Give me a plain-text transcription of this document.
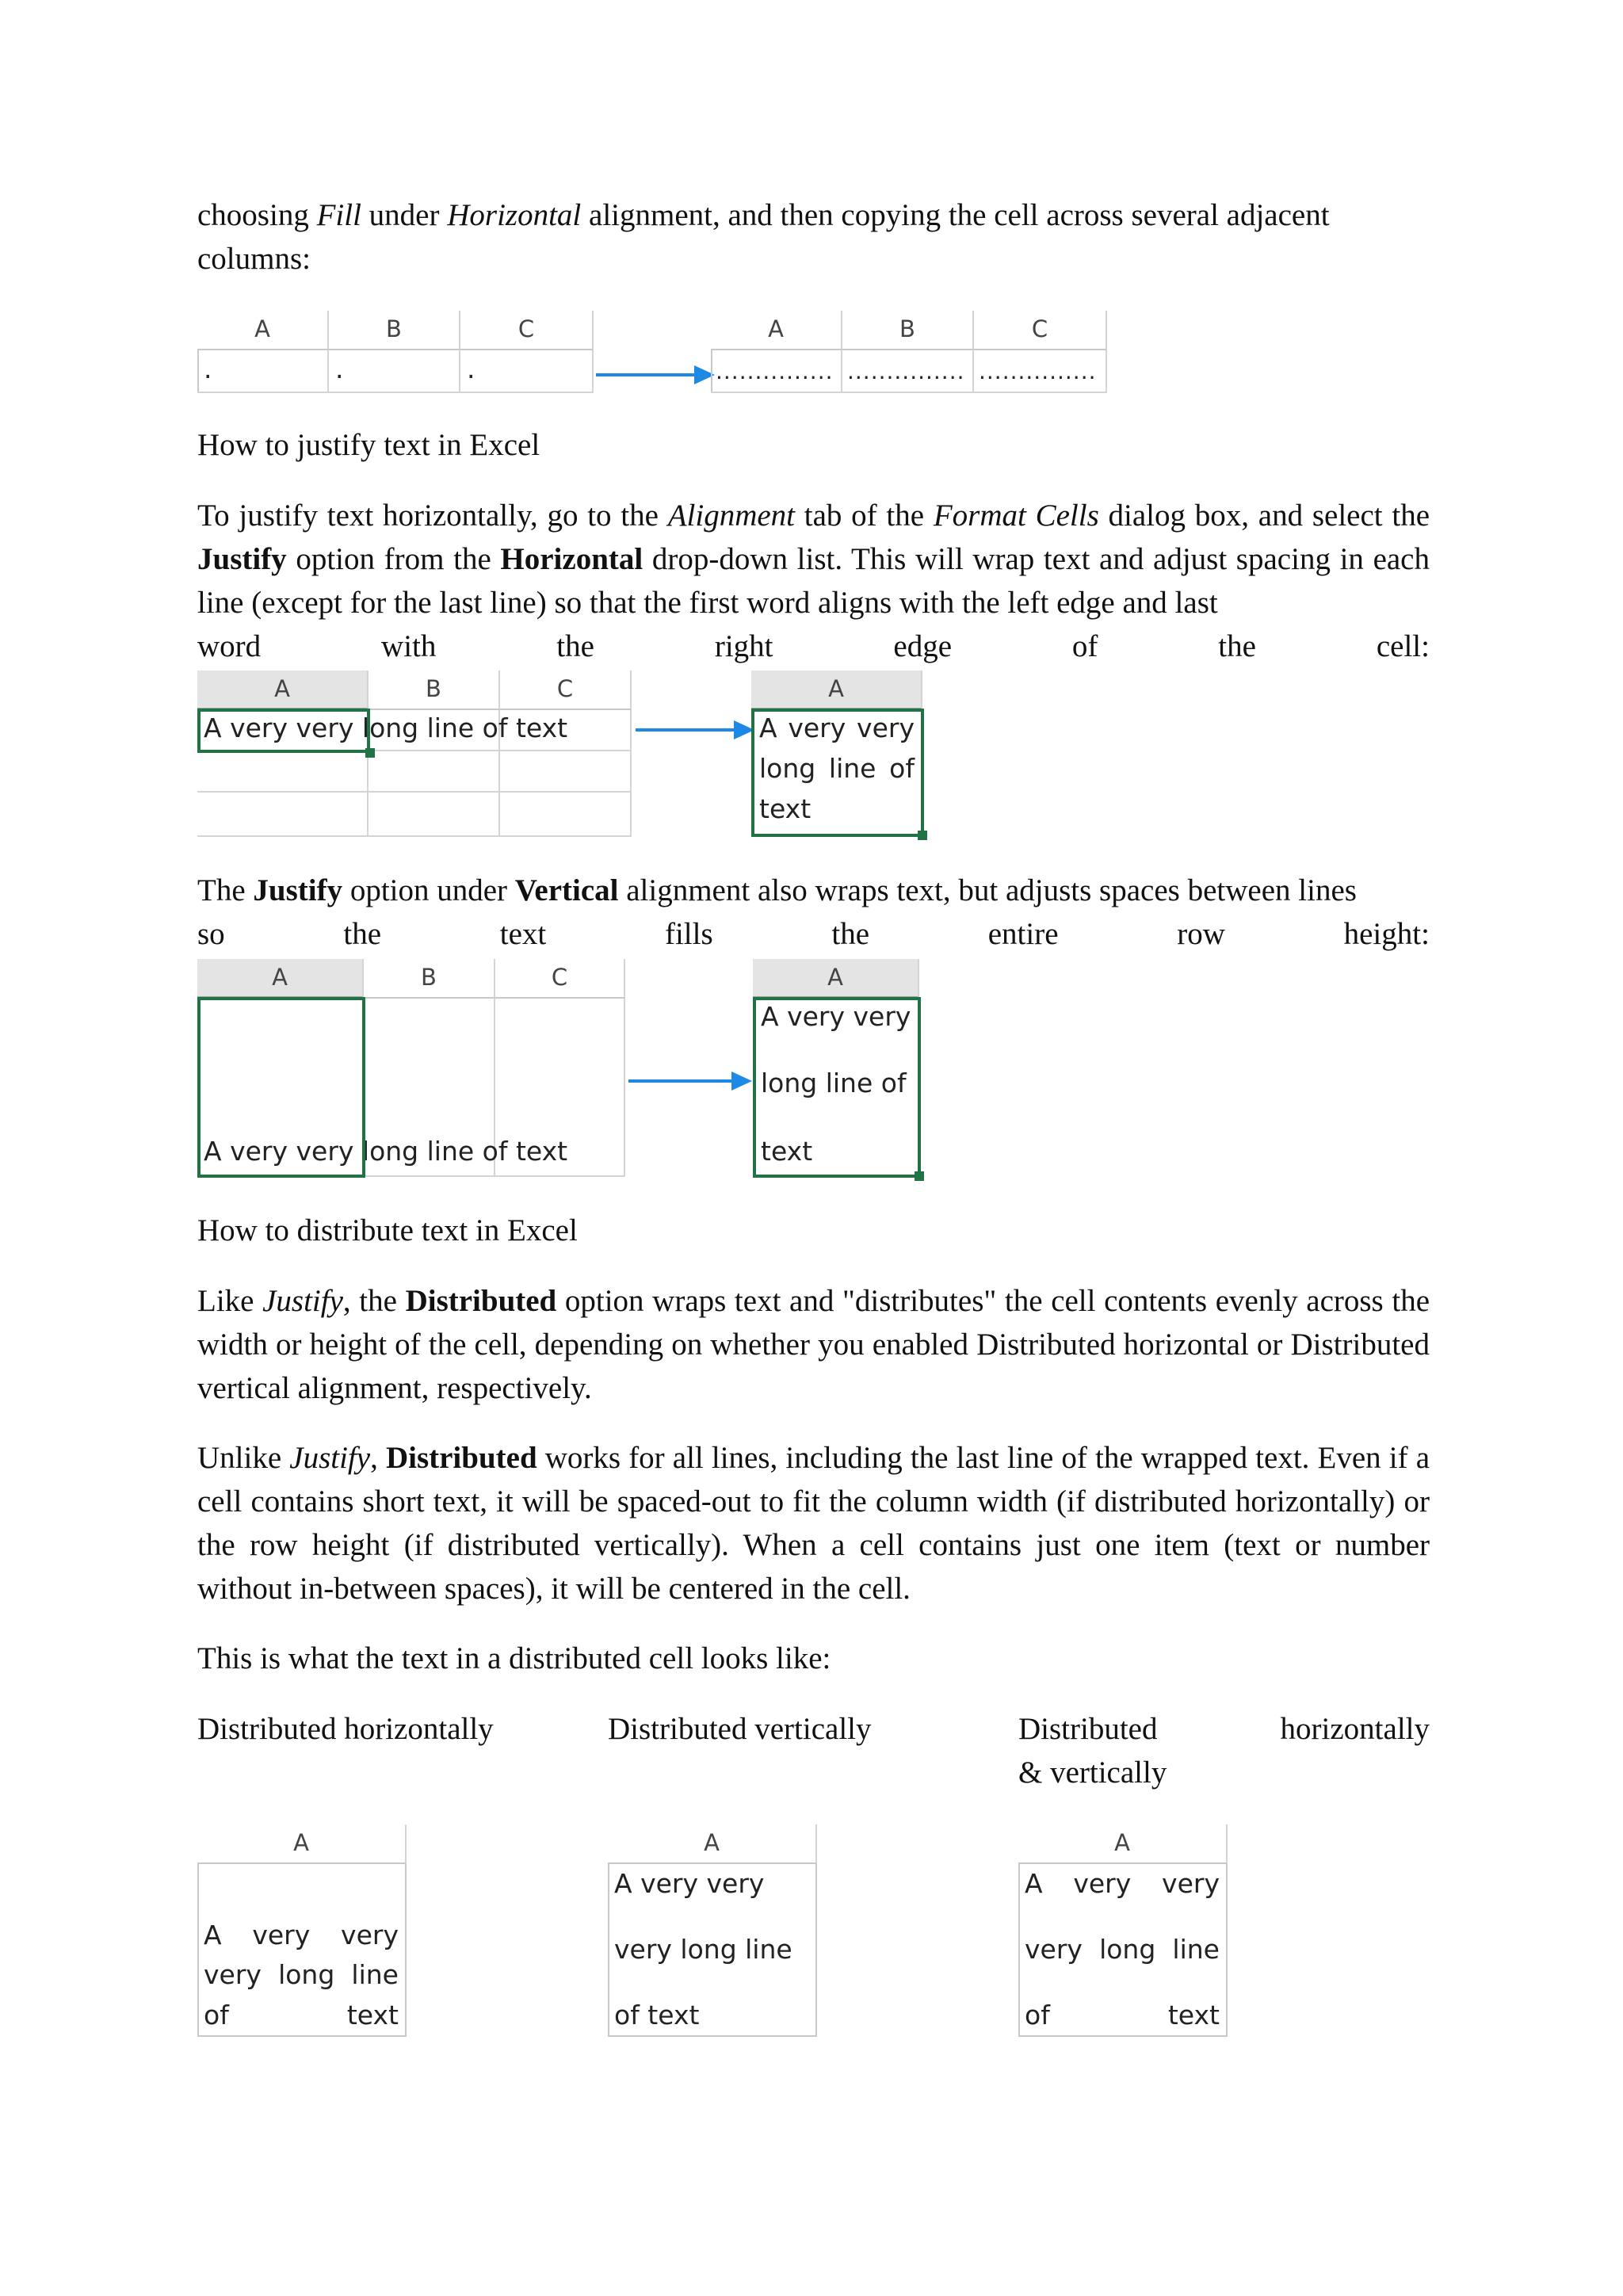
choosing Fill under Horizontal alignment, and then copying the cell across several adjacent

columns:

A	B	C
.	.	.
A	B	C
............... ............... ...............

How to justify text in Excel

To justify text horizontally, go to the Alignment tab of the Format Cells dialog box, and select the Justify option from the Horizontal drop-down list. This will wrap text and adjust spacing in each line (except for the last line) so that the first word aligns with the left edge and last

word	with	the	right	edge	of	the	cell:
A	B	C
A very very long line of text
A
A very very
long line of
text

The Justify option under Vertical alignment also wraps text, but adjusts spaces between lines

so	the	text	fills	the	entire	row	height:
A	B	C
A very very long line of text
A
A very very
long line of
text

How to distribute text in Excel

Like Justify, the Distributed option wraps text and "distributes" the cell contents evenly across the width or height of the cell, depending on whether you enabled Distributed horizontal or Distributed vertical alignment, respectively.

Unlike Justify, Distributed works for all lines, including the last line of the wrapped text. Even if a cell contains short text, it will be spaced-out to fit the column width (if distributed horizontally) or the row height (if distributed vertically). When a cell contains just one item (text or number without in-between spaces), it will be centered in the cell.

This is what the text in a distributed cell looks like:

Distributed horizontally	Distributed vertically	Distributed	horizontally

& vertically

A
A very very
very long line
of	text
A
A very very
very long line
of text
A
A very very
very long line
of	text
